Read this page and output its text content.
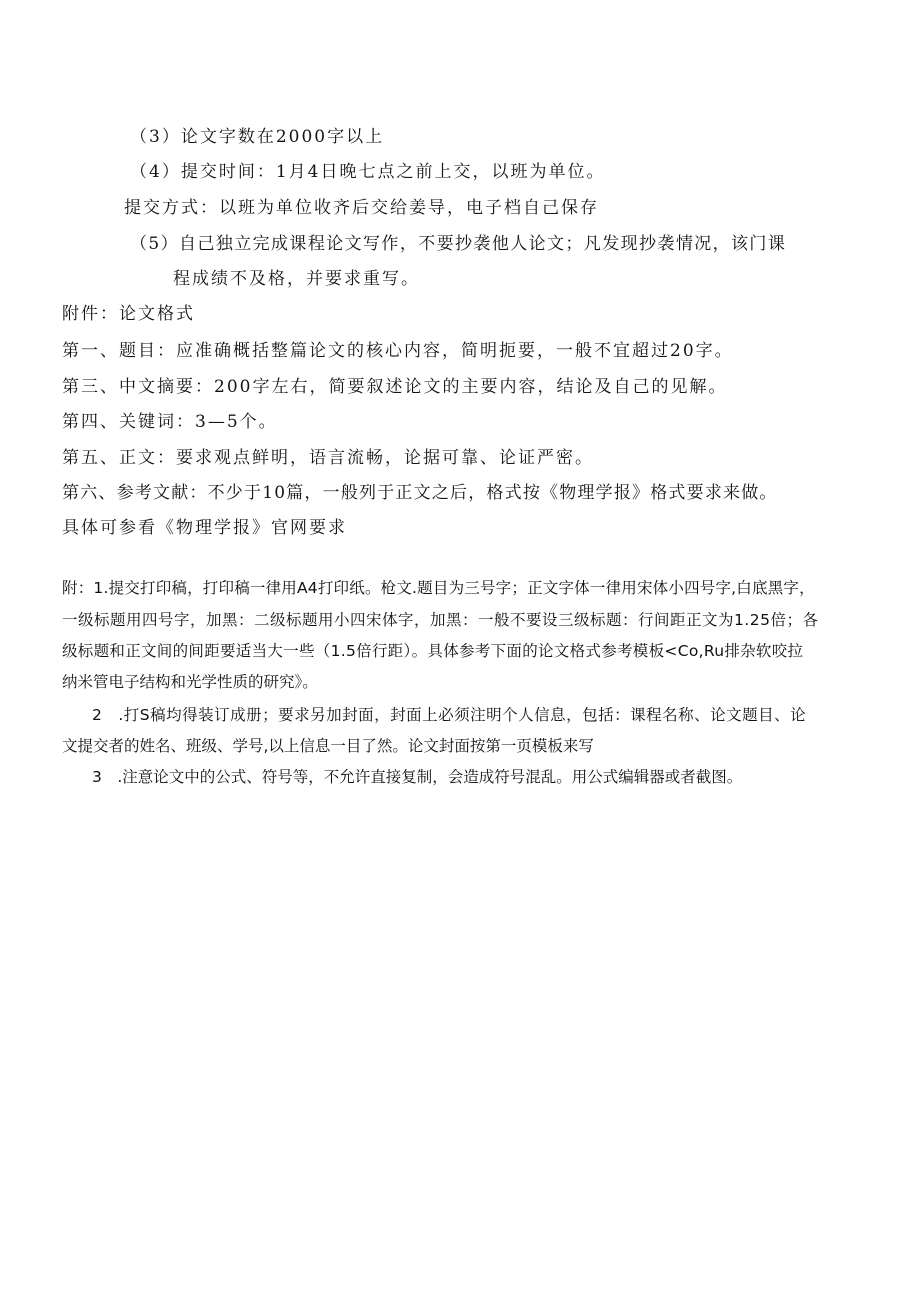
（3）论文字数在2000字以上
（4）提交时间：1月4日晚七点之前上交，以班为单位。
提交方式：以班为单位收齐后交给姜导，电子档自己保存
（5）自己独立完成课程论文写作，不要抄袭他人论文；凡发现抄袭情况，该门课
程成绩不及格，并要求重写。
附件：论文格式
第一、题目：应准确概括整篇论文的核心内容，简明扼要，一般不宜超过20字。
第三、中文摘要：200字左右，简要叙述论文的主要内容，结论及自己的见解。
第四、关键词：3—5个。
第五、正文：要求观点鲜明，语言流畅，论据可靠、论证严密。
第六、参考文献：不少于10篇，一般列于正文之后，格式按《物理学报》格式要求来做。
具体可参看《物理学报》官网要求
附：1.提交打印稿，打印稿一律用A4打印纸。枪文.题目为三号字；正文字体一律用宋体小四号字,白底黑字，
一级标题用四号字，加黑：二级标题用小四宋体字，加黑：一般不要设三级标题：行间距正文为1.25倍；各
级标题和正文间的间距要适当大一些（1.5倍行距）。具体参考下面的论文格式参考模板<Co,Ru排杂软咬拉
纳米管电子结构和光学性质的研究》。
2　.打S稿均得装订成册；要求另加封面，封面上必须注明个人信息，包括：课程名称、论文题目、论
文提交者的姓名、班级、学号,以上信息一目了然。论文封面按第一页模板来写
3　.注意论文中的公式、符号等，不允许直接复制，会造成符号混乱。用公式编辑器或者截图。
